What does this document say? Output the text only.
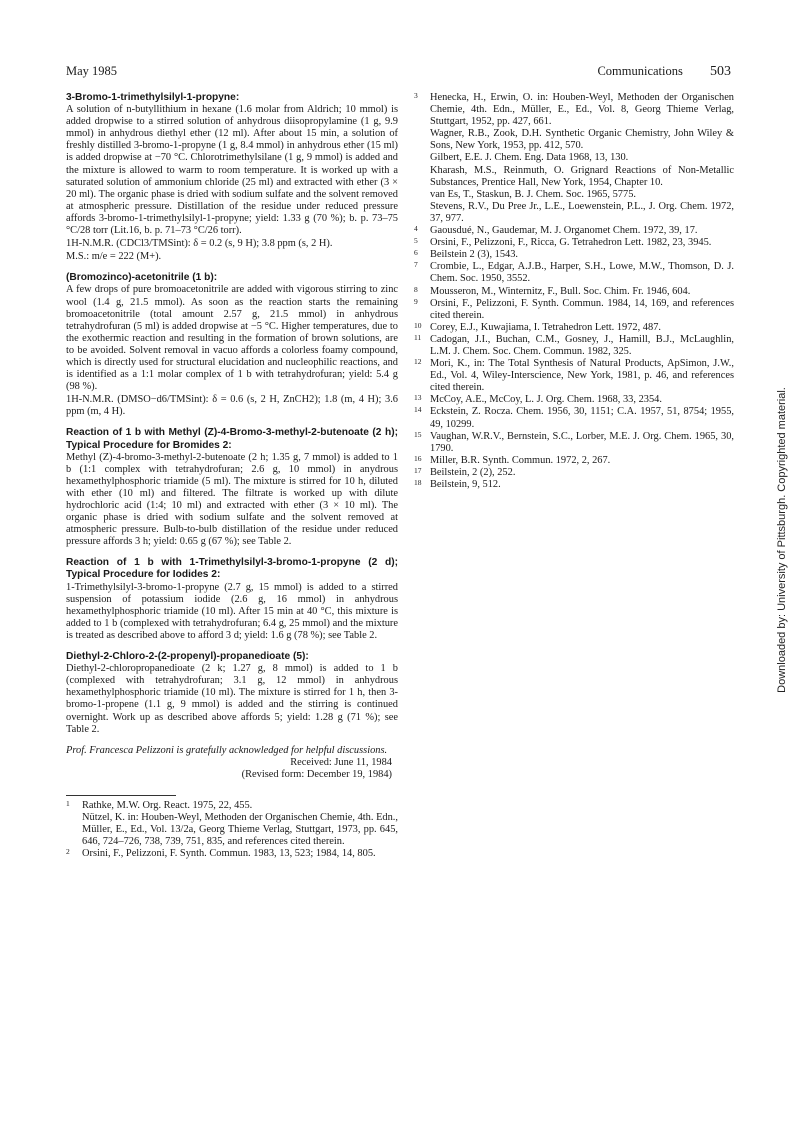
May 1985	Communications 503

3-Bromo-1-trimethylsilyl-1-propyne:

A solution of n-butyllithium in hexane (1.6 molar from Aldrich; 10 mmol) is added dropwise to a stirred solution of anhydrous diisopropylamine (1 g, 9.9 mmol) in anhydrous diethyl ether (12 ml). After about 15 min, a solution of freshly distilled 3-bromo-1-propyne (1 g, 8.4 mmol) in anhydrous ether (15 ml) is added dropwise at −70 °C. Chlorotrimethylsilane (1 g, 9 mmol) is added and the mixture is allowed to warm to room temperature. It is worked up with a saturated solution of ammonium chloride (25 ml) and extracted with ether (3 × 20 ml). The organic phase is dried with sodium sulfate and the solvent removed at atmospheric pressure. Distillation of the residue under reduced pressure affords 3-bromo-1-trimethylsilyl-1-propyne; yield: 1.33 g (70 %); b. p. 73–75 °C/28 torr (Lit.16, b. p. 71–73 °C/26 torr).

1H-N.M.R. (CDCl3/TMSint): δ = 0.2 (s, 9 H); 3.8 ppm (s, 2 H).

M.S.: m/e = 222 (M+).

(Bromozinco)-acetonitrile (1 b):

A few drops of pure bromoacetonitrile are added with vigorous stirring to zinc wool (1.4 g, 21.5 mmol). As soon as the reaction starts the remaining bromoacetonitrile (total amount 2.57 g, 21.5 mmol) in anhydrous tetrahydrofuran (5 ml) is added dropwise at −5 °C. Higher temperatures, due to the exothermic reaction and resulting in the formation of brown solutions, are to be avoided. Solvent removal in vacuo affords a colorless foamy compound, which is directly used for structural elucidation and nucleophilic reactions, and is identified as a 1:1 molar complex of 1 b with tetrahydrofuran; yield: 5.4 g (98 %).

1H-N.M.R. (DMSO−d6/TMSint): δ = 0.6 (s, 2 H, ZnCH2); 1.8 (m, 4 H); 3.6 ppm (m, 4 H).

Reaction of 1 b with Methyl (Z)-4-Bromo-3-methyl-2-butenoate (2 h); Typical Procedure for Bromides 2:

Methyl (Z)-4-bromo-3-methyl-2-butenoate (2 h; 1.35 g, 7 mmol) is added to 1 b (1:1 complex with tetrahydrofuran; 2.6 g, 10 mmol) in anydrous hexamethylphosphoric triamide (5 ml). The mixture is stirred for 10 h, diluted with ether (10 ml) and filtered. The filtrate is worked up with dilute hydrochloric acid (1:4; 10 ml) and extracted with ether (3 × 10 ml). The organic phase is dried with sodium sulfate and the solvent removed at atmospheric pressure. Bulb-to-bulb distillation of the residue under reduced pressure affords 3 h; yield: 0.65 g (67 %); see Table 2.

Reaction of 1 b with 1-Trimethylsilyl-3-bromo-1-propyne (2 d); Typical Procedure for Iodides 2:

1-Trimethylsilyl-3-bromo-1-propyne (2.7 g, 15 mmol) is added to a stirred suspension of potassium iodide (2.6 g, 16 mmol) in anhydrous hexamethylphosphoric triamide (10 ml). After 15 min at 40 °C, this mixture is added to 1 b (complexed with tetrahydrofuran; 6.4 g, 25 mmol) and the mixture is treated as described above to afford 3 d; yield: 1.6 g (78 %); see Table 2.

Diethyl-2-Chloro-2-(2-propenyl)-propanedioate (5):

Diethyl-2-chloropropanedioate (2 k; 1.27 g, 8 mmol) is added to 1 b (complexed with tetrahydrofuran; 3.1 g, 12 mmol) in anhydrous hexamethylphosphoric triamide (10 ml). The mixture is stirred for 1 h, then 3-bromo-1-propene (1.1 g, 9 mmol) is added and the stirring is continued overnight. Work up as described above affords 5; yield: 1.28 g (71 %); see Table 2.

Prof. Francesca Pelizzoni is gratefully acknowledged for helpful discussions.

Received: June 11, 1984

(Revised form: December 19, 1984)

1 Rathke, M.W. Org. React. 1975, 22, 455.

Nützel, K. in: Houben-Weyl, Methoden der Organischen Chemie, 4th. Edn., Müller, E., Ed., Vol. 13/2a, Georg Thieme Verlag, Stuttgart, 1973, pp. 645, 646, 724–726, 738, 739, 751, 835, and references cited therein.

2 Orsini, F., Pelizzoni, F. Synth. Commun. 1983, 13, 523; 1984, 14, 805.

3 Henecka, H., Erwin, O. in: Houben-Weyl, Methoden der Organischen Chemie, 4th. Edn., Müller, E., Ed., Vol. 8, Georg Thieme Verlag, Stuttgart, 1952, pp. 427, 661.

Wagner, R.B., Zook, D.H. Synthetic Organic Chemistry, John Wiley & Sons, New York, 1953, pp. 412, 570.

Gilbert, E.E. J. Chem. Eng. Data 1968, 13, 130.

Kharash, M.S., Reinmuth, O. Grignard Reactions of Non-Metallic Substances, Prentice Hall, New York, 1954, Chapter 10.

van Es, T., Staskun, B. J. Chem. Soc. 1965, 5775.

Stevens, R.V., Du Pree Jr., L.E., Loewenstein, P.L., J. Org. Chem. 1972, 37, 977.

4 Gaousdué, N., Gaudemar, M. J. Organomet Chem. 1972, 39, 17.

5 Orsini, F., Pelizzoni, F., Ricca, G. Tetrahedron Lett. 1982, 23, 3945.

6 Beilstein 2 (3), 1543.

7 Crombie, L., Edgar, A.J.B., Harper, S.H., Lowe, M.W., Thomson, D. J. Chem. Soc. 1950, 3552.

8 Mousseron, M., Winternitz, F., Bull. Soc. Chim. Fr. 1946, 604.

9 Orsini, F., Pelizzoni, F. Synth. Commun. 1984, 14, 169, and references cited therein.

10 Corey, E.J., Kuwajiama, I. Tetrahedron Lett. 1972, 487.

11 Cadogan, J.I., Buchan, C.M., Gosney, J., Hamill, B.J., McLaughlin, L.M. J. Chem. Soc. Chem. Commun. 1982, 325.

12 Mori, K., in: The Total Synthesis of Natural Products, ApSimon, J.W., Ed., Vol. 4, Wiley-Interscience, New York, 1981, p. 46, and references cited therein.

13 McCoy, A.E., McCoy, L. J. Org. Chem. 1968, 33, 2354.

14 Eckstein, Z. Rocza. Chem. 1956, 30, 1151; C.A. 1957, 51, 8754; 1955, 49, 10299.

15 Vaughan, W.R.V., Bernstein, S.C., Lorber, M.E. J. Org. Chem. 1965, 30, 1790.

16 Miller, B.R. Synth. Commun. 1972, 2, 267.

17 Beilstein, 2 (2), 252.

18 Beilstein, 9, 512.	Downloaded by: University of Pittsburgh. Copyrighted material.
